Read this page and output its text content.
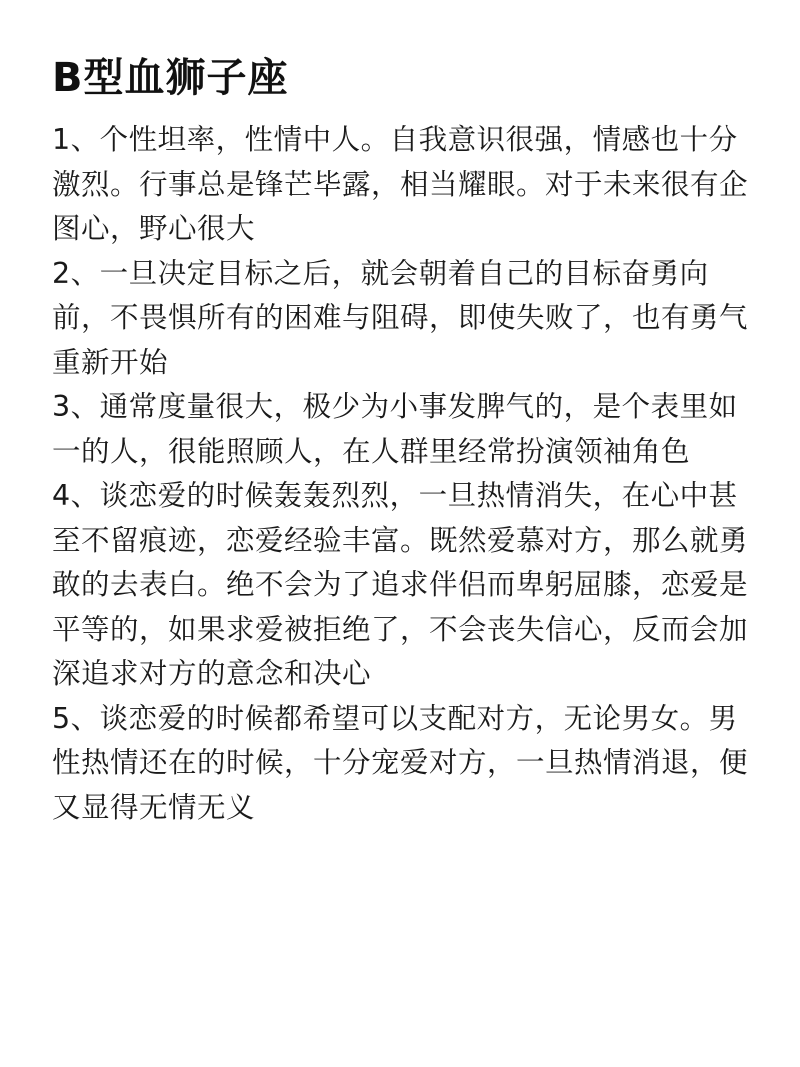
B型血狮子座

1、个性坦率，性情中人。自我意识很强，情感也十分激烈。行事总是锋芒毕露，相当耀眼。对于未来很有企图心，野心很大

2、一旦决定目标之后，就会朝着自己的目标奋勇向前，不畏惧所有的困难与阻碍，即使失败了，也有勇气重新开始

3、通常度量很大，极少为小事发脾气的，是个表里如一的人，很能照顾人，在人群里经常扮演领袖角色

4、谈恋爱的时候轰轰烈烈，一旦热情消失，在心中甚至不留痕迹，恋爱经验丰富。既然爱慕对方，那么就勇敢的去表白。绝不会为了追求伴侣而卑躬屈膝，恋爱是平等的，如果求爱被拒绝了，不会丧失信心，反而会加深追求对方的意念和决心

5、谈恋爱的时候都希望可以支配对方，无论男女。男性热情还在的时候，十分宠爱对方，一旦热情消退，便又显得无情无义
